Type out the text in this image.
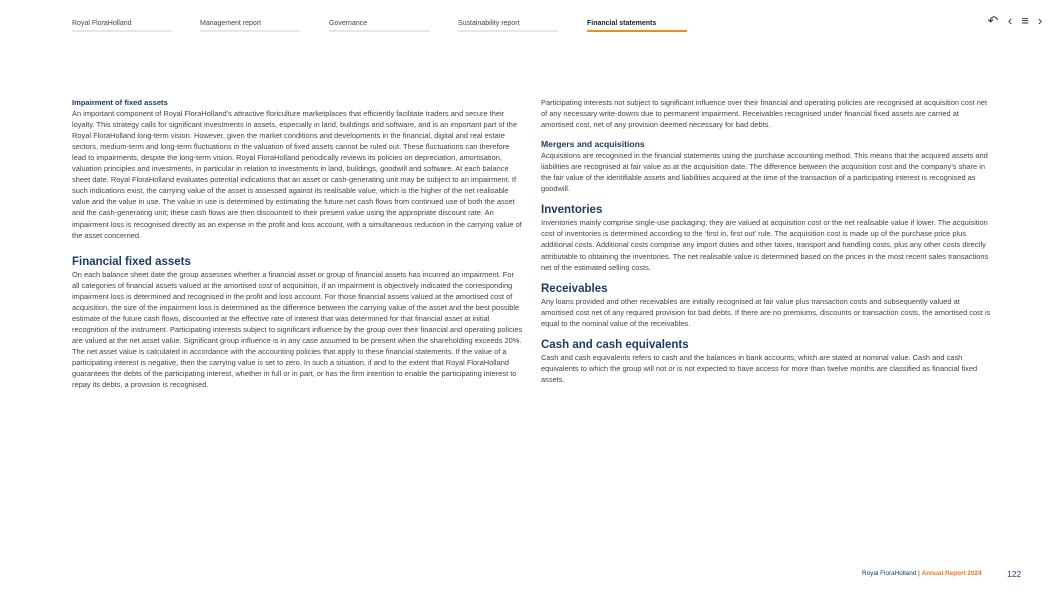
Royal FloraHolland	Management report	Governance	Sustainability report	Financial statements	↶ ‹ ≡ ›

Impairment of fixed assets
An important component of Royal FloraHolland’s attractive floriculture marketplaces that efficiently facilitate traders and secure their loyalty. This strategy calls for significant investments in assets, especially in land, buildings and software, and is an important part of the Royal FloraHolland long-term vision. However, given the market conditions and developments in the financial, digital and real estate sectors, medium-term and long-term fluctuations in the valuation of fixed assets cannot be ruled out. These fluctuations can therefore lead to impairments, despite the long-term vision. Royal FloraHolland periodically reviews its policies on depreciation, amortisation, valuation principles and investments, in particular in relation to investments in land, buildings, goodwill and software. At each balance sheet date, Royal FloraHolland evaluates potential indications that an asset or cash-generating unit may be subject to an impairment. If such indications exist, the carrying value of the asset is assessed against its realisable value, which is the higher of the net realisable value and the value in use. The value in use is determined by estimating the future net cash flows from continued use of both the asset and the cash-generating unit; these cash flows are then discounted to their present value using the appropriate discount rate. An impairment loss is recognised directly as an expense in the profit and loss account, with a simultaneous reduction in the carrying value of the asset concerned.

Financial fixed assets

On each balance sheet date the group assesses whether a financial asset or group of financial assets has incurred an impairment. For all categories of financial assets valued at the amortised cost of acquisition, if an impairment is objectively indicated the corresponding impairment loss is determined and recognised in the profit and loss account. For those financial assets valued at the amortised cost of acquisition, the size of the impairment loss is determined as the difference between the carrying value of the asset and the best possible estimate of the future cash flows, discounted at the effective rate of interest that was determined for that financial asset at initial recognition of the instrument. Participating interests subject to significant influence by the group over their financial and operating policies are valued at the net asset value. Significant group influence is in any case assumed to be present when the shareholding exceeds 20%. The net asset value is calculated in accordance with the accounting policies that apply to these financial statements. If the value of a participating interest is negative, then the carrying value is set to zero. In such a situation, if and to the extent that Royal FloraHolland guarantees the debts of the participating interest, whether in full or in part, or has the firm intention to enable the participating interest to repay its debts, a provision is recognised.

Participating interests not subject to significant influence over their financial and operating policies are recognised at acquisition cost net of any necessary write-downs due to permanent impairment. Receivables recognised under financial fixed assets are carried at amortised cost, net of any provision deemed necessary for bad debts.

Mergers and acquisitions
Acquisitions are recognised in the financial statements using the purchase accounting method. This means that the acquired assets and liabilities are recognised at fair value as at the acquisition date. The difference between the acquisition cost and the company’s share in the fair value of the identifiable assets and liabilities acquired at the time of the transaction of a participating interest is recognised as goodwill.

Inventories

Inventories mainly comprise single-use packaging; they are valued at acquisition cost or the net realisable value if lower. The acquisition cost of inventories is determined according to the ‘first in, first out’ rule. The acquisition cost is made up of the purchase price plus additional costs. Additional costs comprise any import duties and other taxes, transport and handling costs, plus any other costs directly attributable to obtaining the inventories. The net realisable value is determined based on the prices in the most recent sales transactions net of the estimated selling costs.

Receivables

Any loans provided and other receivables are initially recognised at fair value plus transaction costs and subsequently valued at amortised cost net of any required provision for bad debts. If there are no premiums, discounts or transaction costs, the amortised cost is equal to the nominal value of the receivables.

Cash and cash equivalents

Cash and cash equivalents refers to cash and the balances in bank accounts, which are stated at nominal value. Cash and cash equivalents to which the group will not or is not expected to have access for more than twelve months are classified as financial fixed assets.

Royal FloraHolland | Annual Report 2024	122
